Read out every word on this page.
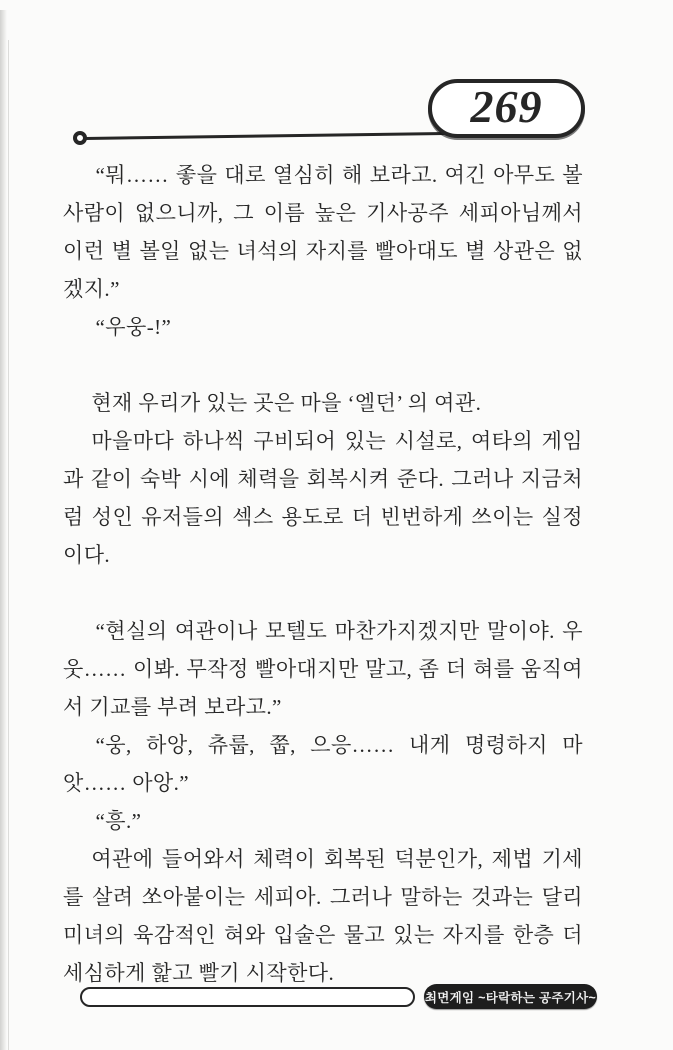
269

“뭐…… 좋을 대로 열심히 해 보라고. 여긴 아무도 볼 사람이 없으니까, 그 이름 높은 기사공주 세피아님께서 이런 별 볼일 없는 녀석의 자지를 빨아대도 별 상관은 없겠지.”

“우웅-!”

현재 우리가 있는 곳은 마을 ‘엘던’ 의 여관.

마을마다 하나씩 구비되어 있는 시설로, 여타의 게임과 같이 숙박 시에 체력을 회복시켜 준다. 그러나 지금처럼 성인 유저들의 섹스 용도로 더 빈번하게 쓰이는 실정이다.

“현실의 여관이나 모텔도 마찬가지겠지만 말이야. 우웃…… 이봐. 무작정 빨아대지만 말고, 좀 더 혀를 움직여서 기교를 부려 보라고.”

“웅, 하앙, 츄룹, 쭙, 으응…… 내게 명령하지 마앗…… 아앙.”

“흥.”

여관에 들어와서 체력이 회복된 덕분인가, 제법 기세를 살려 쏘아붙이는 세피아. 그러나 말하는 것과는 달리 미녀의 육감적인 혀와 입술은 물고 있는 자지를 한층 더 세심하게 핥고 빨기 시작한다.

최면게임 ~타락하는 공주기사~
